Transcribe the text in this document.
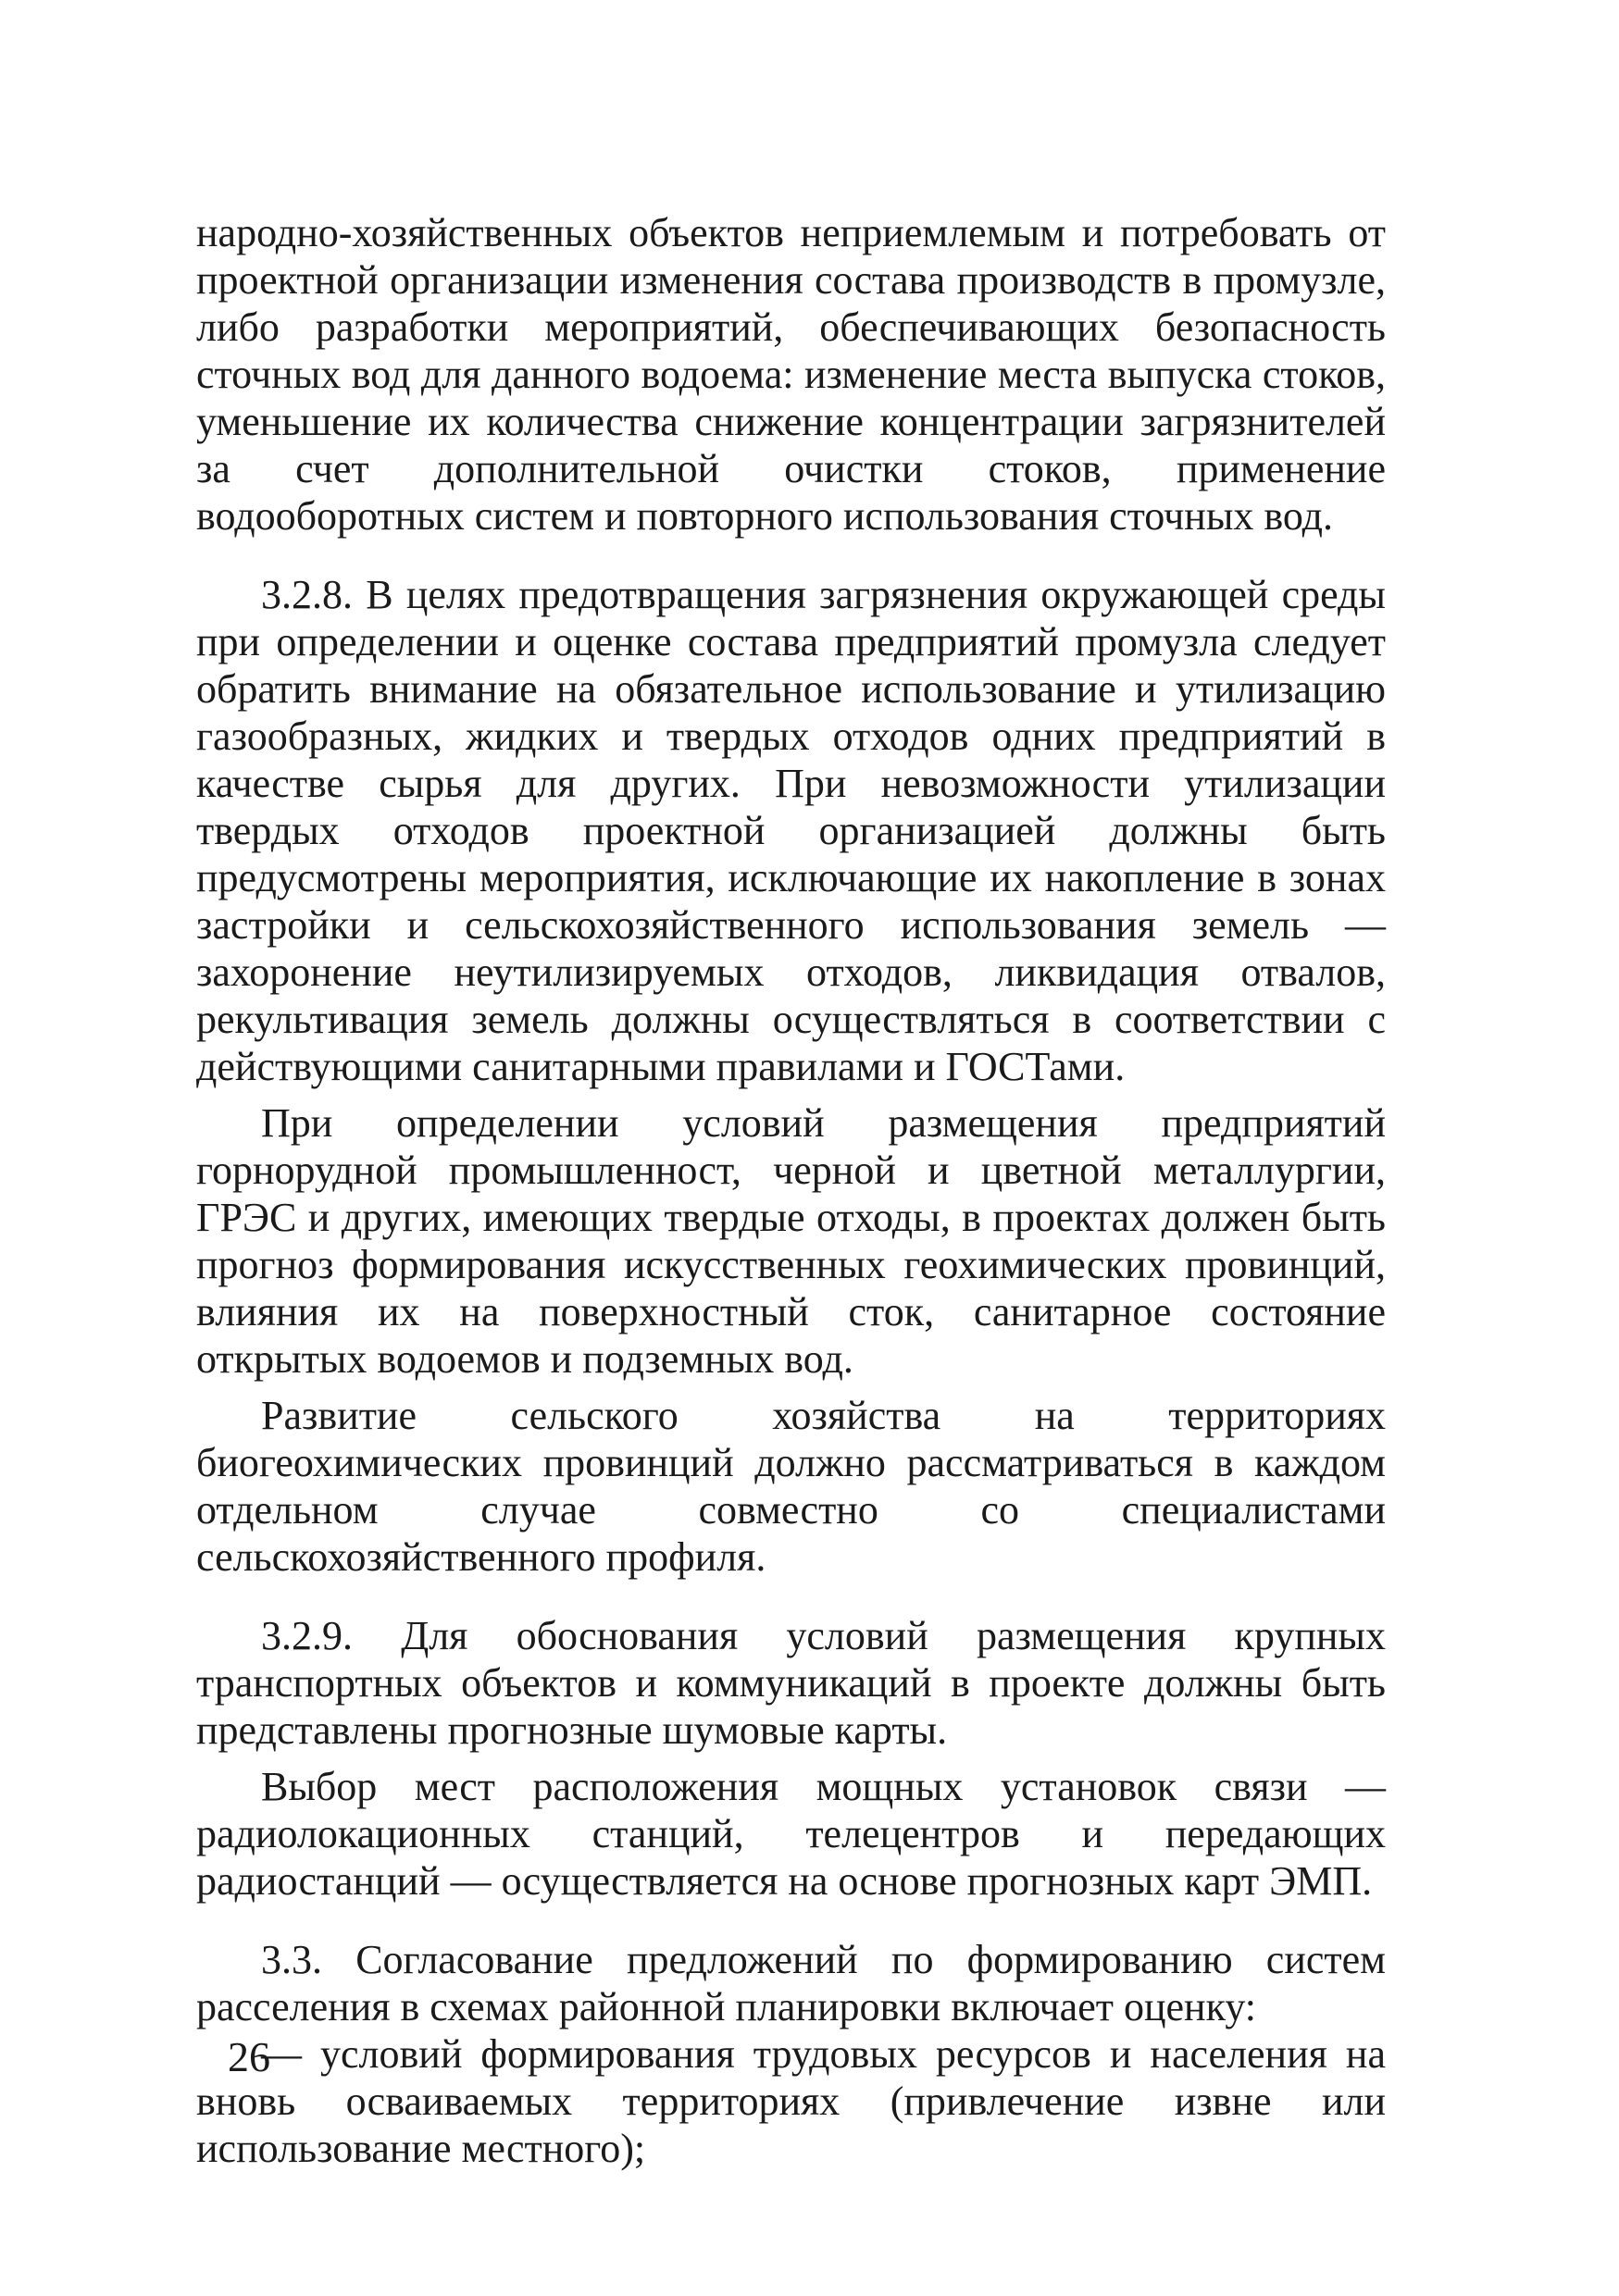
народно-хозяйственных объектов неприемлемым и потребовать от проектной организации изменения состава производств в промузле, либо разработки мероприятий, обеспечивающих безопасность сточных вод для данного водоема: изменение места выпуска стоков, уменьшение их количества снижение концентрации загрязнителей за счет дополнительной очистки стоков, применение водооборотных систем и повторного использования сточных вод.

3.2.8. В целях предотвращения загрязнения окружающей среды при определении и оценке состава предприятий промузла следует обратить внимание на обязательное использование и утилизацию газообразных, жидких и твердых отходов одних предприятий в качестве сырья для других. При невозможности утилизации твердых отходов проектной организацией должны быть предусмотрены мероприятия, исключающие их накопление в зонах застройки и сельскохозяйственного использования земель — захоронение неутилизируемых отходов, ликвидация отвалов, рекультивация земель должны осуществляться в соответствии с действующими санитарными правилами и ГОСТами.

При определении условий размещения предприятий горнорудной промышленност, черной и цветной металлургии, ГРЭС и других, имеющих твердые отходы, в проектах должен быть прогноз формирования искусственных геохимических провинций, влияния их на поверхностный сток, санитарное состояние открытых водоемов и подземных вод.

Развитие сельского хозяйства на территориях биогеохимических провинций должно рассматриваться в каждом отдельном случае совместно со специалистами сельскохозяйственного профиля.

3.2.9. Для обоснования условий размещения крупных транспортных объектов и коммуникаций в проекте должны быть представлены прогнозные шумовые карты.

Выбор мест расположения мощных установок связи — радиолокационных станций, телецентров и передающих радиостанций — осуществляется на основе прогнозных карт ЭМП.

3.3. Согласование предложений по формированию систем расселения в схемах районной планировки включает оценку:

— условий формирования трудовых ресурсов и населения на вновь осваиваемых территориях (привлечение извне или использование местного);

26
